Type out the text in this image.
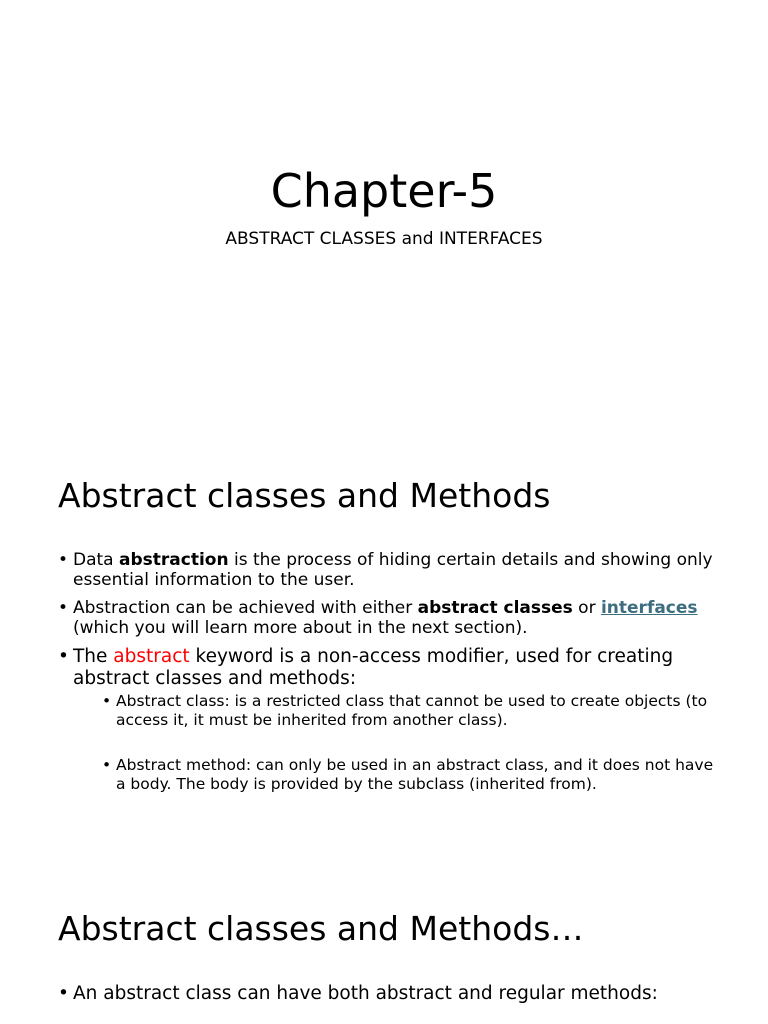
Chapter-5

ABSTRACT CLASSES and INTERFACES

Abstract classes and Methods
• Data abstraction is the process of hiding certain details and showing only essential information to the user.
• Abstraction can be achieved with either abstract classes or interfaces (which you will learn more about in the next section).
• The abstract keyword is a non-access modifier, used for creating abstract classes and methods:
• Abstract class: is a restricted class that cannot be used to create objects (to access it, it must be inherited from another class).
• Abstract method: can only be used in an abstract class, and it does not have a body. The body is provided by the subclass (inherited from).
Abstract classes and Methods…
• An abstract class can have both abstract and regular methods:
